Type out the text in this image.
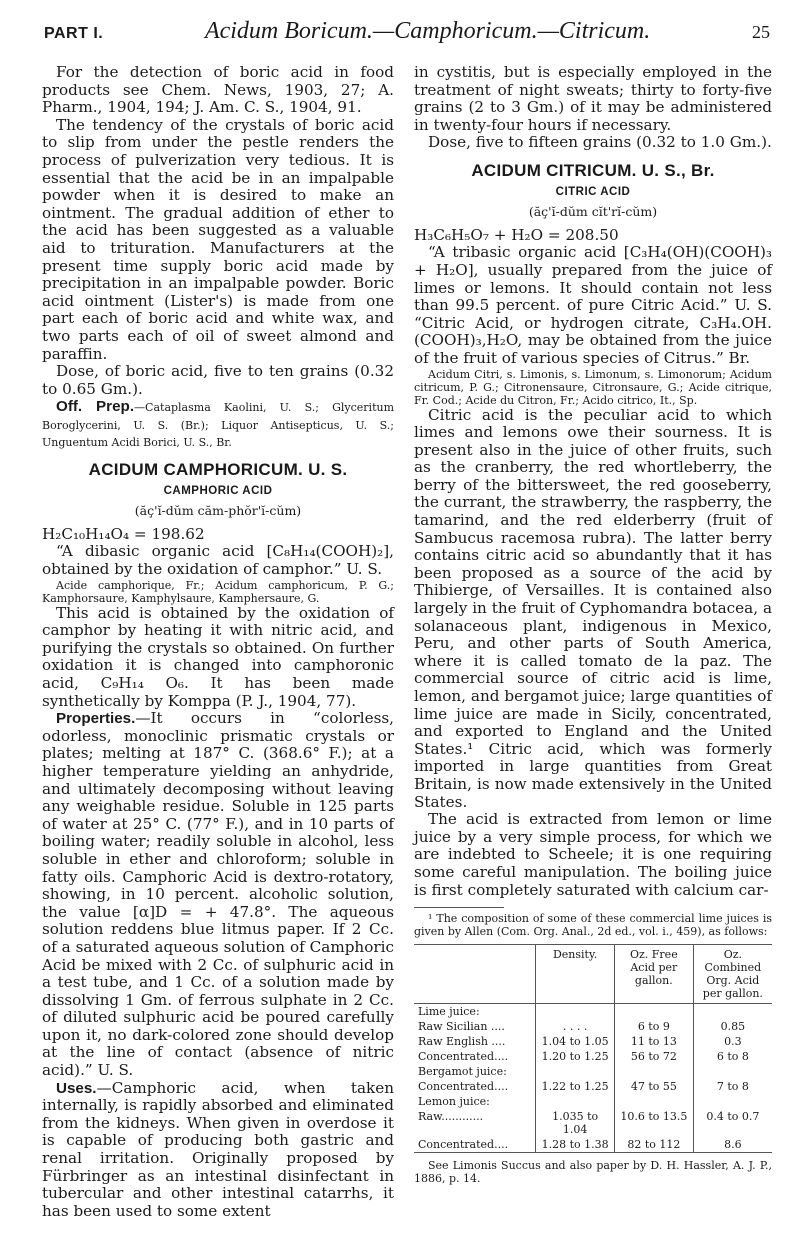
PART I.	Acidum Boricum.—Camphoricum.—Citricum.	25

For the detection of boric acid in food products see Chem. News, 1903, 27; A. Pharm., 1904, 194; J. Am. C. S., 1904, 91.

The tendency of the crystals of boric acid to slip from under the pestle renders the process of pulverization very tedious. It is essential that the acid be in an impalpable powder when it is desired to make an ointment. The gradual addition of ether to the acid has been suggested as a valuable aid to trituration. Manufacturers at the present time supply boric acid made by precipitation in an impalpable powder. Boric acid ointment (Lister's) is made from one part each of boric acid and white wax, and two parts each of oil of sweet almond and paraffin.

Dose, of boric acid, five to ten grains (0.32 to 0.65 Gm.).

Off. Prep.—Cataplasma Kaolini, U. S.; Glyceritum Boroglycerini, U. S. (Br.); Liquor Antisepticus, U. S.; Unguentum Acidi Borici, U. S., Br.

ACIDUM CAMPHORICUM. U. S.
CAMPHORIC ACID
(ăç'ĭ-dŭm căm-phŏr'ĭ-cŭm)

H₂C₁₀H₁₄O₄ = 198.62

“A dibasic organic acid [C₈H₁₄(COOH)₂], obtained by the oxidation of camphor.” U. S.

Acide camphorique, Fr.; Acidum camphoricum, P. G.; Kamphorsaure, Kamphylsaure, Kamphersaure, G.

This acid is obtained by the oxidation of camphor by heating it with nitric acid, and purifying the crystals so obtained. On further oxidation it is changed into camphoronic acid, C₉H₁₄ O₆. It has been made synthetically by Komppa (P. J., 1904, 77).

Properties.—It occurs in “colorless, odorless, monoclinic prismatic crystals or plates; melting at 187° C. (368.6° F.); at a higher temperature yielding an anhydride, and ultimately decomposing without leaving any weighable residue. Soluble in 125 parts of water at 25° C. (77° F.), and in 10 parts of boiling water; readily soluble in alcohol, less soluble in ether and chloroform; soluble in fatty oils. Camphoric Acid is dextro-rotatory, showing, in 10 percent. alcoholic solution, the value [α]D = + 47.8°. The aqueous solution reddens blue litmus paper. If 2 Cc. of a saturated aqueous solution of Camphoric Acid be mixed with 2 Cc. of sulphuric acid in a test tube, and 1 Cc. of a solution made by dissolving 1 Gm. of ferrous sulphate in 2 Cc. of diluted sulphuric acid be poured carefully upon it, no dark-colored zone should develop at the line of contact (absence of nitric acid).” U. S.

Uses.—Camphoric acid, when taken internally, is rapidly absorbed and eliminated from the kidneys. When given in overdose it is capable of producing both gastric and renal irritation. Originally proposed by Fürbringer as an intestinal disinfectant in tubercular and other intestinal catarrhs, it has been used to some extent

in cystitis, but is especially employed in the treatment of night sweats; thirty to forty-five grains (2 to 3 Gm.) of it may be administered in twenty-four hours if necessary.

Dose, five to fifteen grains (0.32 to 1.0 Gm.).

ACIDUM CITRICUM. U. S., Br.
CITRIC ACID
(ăç'ĭ-dŭm cĭt'rĭ-cŭm)

H₃C₆H₅O₇ + H₂O = 208.50

“A tribasic organic acid [C₃H₄(OH)(COOH)₃ + H₂O], usually prepared from the juice of limes or lemons. It should contain not less than 99.5 percent. of pure Citric Acid.” U. S. “Citric Acid, or hydrogen citrate, C₃H₄.OH.(COOH)₃,H₂O, may be obtained from the juice of the fruit of various species of Citrus.” Br.

Acidum Citri, s. Limonis, s. Limonum, s. Limonorum; Acidum citricum, P. G.; Citronensaure, Citronsaure, G.; Acide citrique, Fr. Cod.; Acide du Citron, Fr.; Acido citrico, It., Sp.

Citric acid is the peculiar acid to which limes and lemons owe their sourness. It is present also in the juice of other fruits, such as the cranberry, the red whortleberry, the berry of the bittersweet, the red gooseberry, the currant, the strawberry, the raspberry, the tamarind, and the red elderberry (fruit of Sambucus racemosa rubra). The latter berry contains citric acid so abundantly that it has been proposed as a source of the acid by Thibierge, of Versailles. It is contained also largely in the fruit of Cyphomandra botacea, a solanaceous plant, indigenous in Mexico, Peru, and other parts of South America, where it is called tomato de la paz. The commercial source of citric acid is lime, lemon, and bergamot juice; large quantities of lime juice are made in Sicily, concentrated, and exported to England and the United States.¹ Citric acid, which was formerly imported in large quantities from Great Britain, is now made extensively in the United States.

The acid is extracted from lemon or lime juice by a very simple process, for which we are indebted to Scheele; it is one requiring some careful manipulation. The boiling juice is first completely saturated with calcium car-

¹ The composition of some of these commercial lime juices is given by Allen (Com. Org. Anal., 2d ed., vol. i., 459), as follows:

	Density.	Oz. Free Acid per gallon.	Oz. Combined Org. Acid per gallon.
Lime juice:			
Raw Sicilian ....	. . . .	6 to 9	0.85
Raw English ....	1.04 to 1.05	11 to 13	0.3
Concentrated....	1.20 to 1.25	56 to 72	6 to 8
Bergamot juice:			
Concentrated....	1.22 to 1.25	47 to 55	7 to 8
Lemon juice:			
Raw............	1.035 to 1.04	10.6 to 13.5	0.4 to 0.7
Concentrated....	1.28 to 1.38	82 to 112	8.6

See Limonis Succus and also paper by D. H. Hassler, A. J. P., 1886, p. 14.
